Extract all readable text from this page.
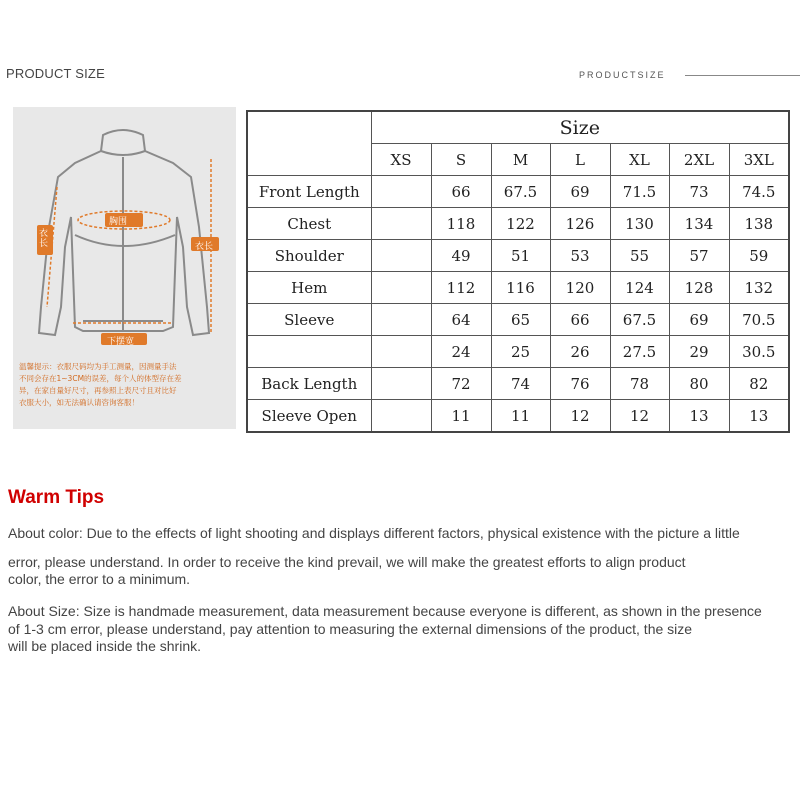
PRODUCT SIZE	PRODUCTSIZE
胸围
衣长
衣长
下摆宽
温馨提示：衣服尺码均为手工测量，因测量手法
不同会存在1~3CM的误差，每个人的体型存在差
异，在家自量好尺寸，再参照上表尺寸且对比好
衣服大小，如无法确认请咨询客服！
	Size						
	XS	S	M	L	XL	2XL	3XL
Front Length		66	67.5	69	71.5	73	74.5
Chest		118	122	126	130	134	138
Shoulder		49	51	53	55	57	59
Hem		112	116	120	124	128	132
Sleeve		64	65	66	67.5	69	70.5
		24	25	26	27.5	29	30.5
Back Length		72	74	76	78	80	82
Sleeve Open		11	11	12	12	13	13
Warm Tips
About color: Due to the effects of light shooting and displays different factors, physical existence with the picture a little
error, please understand. In order to receive the kind prevail, we will make the greatest efforts to align product
color, the error to a minimum.
About Size: Size is handmade measurement, data measurement because everyone is different, as shown in the presence
of 1-3 cm error, please understand, pay attention to measuring the external dimensions of the product, the size
will be placed inside the shrink.
